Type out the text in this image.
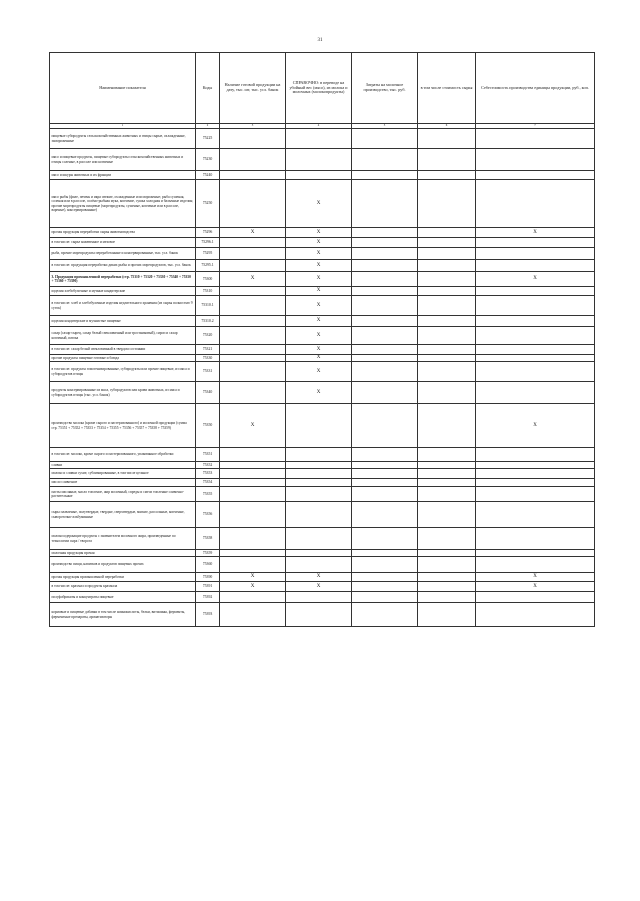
31
Наименование показателя	Коды	Наличие готовой продукции на дату, тыс. шт, тыс. усл. банок	СПРАВОЧНО: в переводе на убойный вес (мясо), из молока и молочных (молокопродукты)	Затраты на молочное производство, тыс. руб.	в том числе стоимость сырья	Себестоимость производства единицы продукции, руб., коп.
1	2	3	4	5	6	7
пищевые субпродукты сельскохозяйственных животных и птицы сырые, охлажденные, замороженные	75225					
мясо и пищевые продукты, пищевые субпродукты сельскохозяйственных животных и птицы соленые, в рассоле или копченые	75230					
мясо и шкуры животных и их фракции	75240					
мясо рыбы (филе, печень и икра свежие, охлажденные или мороженые; рыба сушеная, соленая или в рассоле, солёно-рыбная мука, копчение, сушка холодная и балычные изделия; прочие морепродукты пищевые (морепродукты, сушеные, копченые или в рассоле, вареные), консервированные)	75250		X			
прочая продукция переработки сырья животноводства	75296	X	X			X
в том числе: сырье кожевенное и меховое	75296.1		X			
рыба, прочие морепродукты переработанные и консервированные, тыс. усл. банок	75295		X			
в том числе: продукция переработки диких рыбы и прочих морепродуктов, тыс. усл. банок	75295.1		X			
3. Продукция промышленной переработки (стр. 75310 + 75320 + 75330 + 75340 + 75350 + 75360 + 75390)	75300	X	X			X
изделия хлебобулочные и мучные кондитерские	75310		X			
в том числе: хлеб и хлебобулочные изделия недлительного хранения (из сырья полностью 9 суток)	75310.1		X			
изделия кондитерские и мучнистые пищевые	75310.2		X			
сахар (сахар-сырец, сахар белый свекловичный или тростниковый), сироп и сахар копченый, патока	75320		X			
в том числе: сахар белый свекловичный в твердом состоянии	75321		X			
прочие продукты пищевые готовые и блюда	75330		X			
в том числе: продукты гомогенизированные, субпродукты или прочие пищевые, из мяса и субпродуктов птицы	75331		X			
продукты консервированные из мяса, субпродуктов или крови животных, из мяса и субпродуктов птицы (тыс. усл. банок)	75340		X			
производство молока (кроме сырого и пастеризованного) и молочной продукции (сумма стр. 75351 + 75352 + 75353 + 75354 + 75355 + 75356 + 75357 + 75358 + 75359)	75350	X				X
в том числе: молоко, кроме сырого и пастеризованного, упакованное обработки	75351					
сливки	75352					
молоко и сливки сухие, сублимированные, в том числе цельное	75353					
масло сливочное	75354					
пасты масляные, масло топленое, жир молочный, спреды и смеси топленые сливочно-растительные	75355					
сыры плавленые, полутвердые, твердые, сверхтвердые, мягкие, рассольные, копченые, сывороточно-альбуминные	75356					
молокосодержащие продукты с заменителем молочного жира, произведенные по технологии сыра / творога	75358					
молочная продукция прочая	75359					
производство пищи, напитков и продуктов пищевых прочих	75360					
прочая продукция промышленной переработки	75390	X	X			X
в том числе: крахмал и продукты крахмала	75391	X	X			X
полуфабрикаты и концентраты пищевые	75392					
кормовые и пищевые добавки в том числе аминокислоты, белки, витамины, ферменты, ферментные препараты, ароматизаторы	75393					
